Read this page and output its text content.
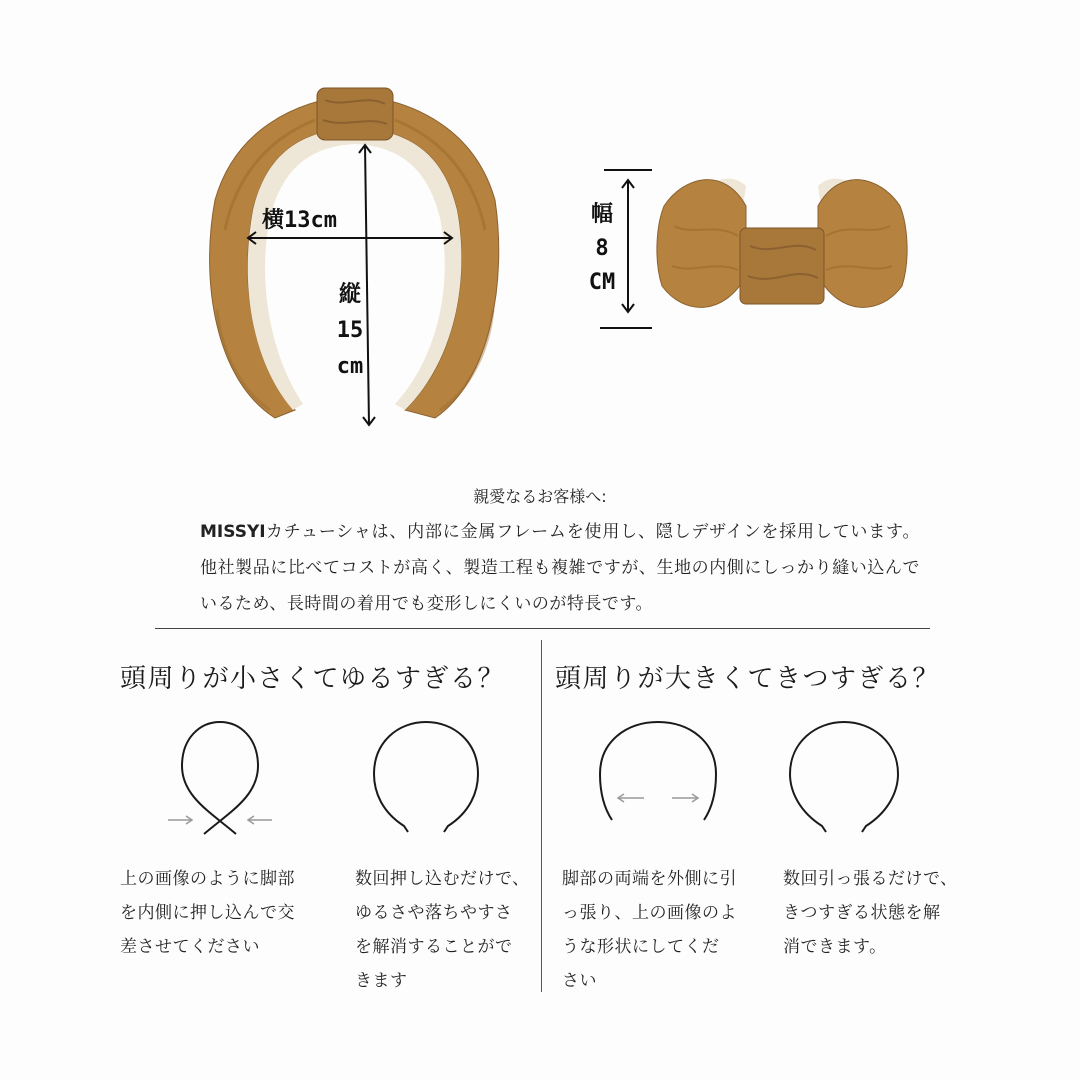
横13cm
縦
15
cm
幅
8
CM
親愛なるお客様へ:
MISSYIカチューシャは、内部に金属フレームを使用し、隠しデザインを採用しています。他社製品に比べてコストが高く、製造工程も複雑ですが、生地の内側にしっかり縫い込んでいるため、長時間の着用でも変形しにくいのが特長です。
頭周りが小さくてゆるすぎる？
上の画像のように脚部
を内側に押し込んで交
差させてください
数回押し込むだけで、
ゆるさや落ちやすさ
を解消することがで
きます
頭周りが大きくてきつすぎる？
脚部の両端を外側に引
っ張り、上の画像のよ
うな形状にしてくだ
さい
数回引っ張るだけで、
きつすぎる状態を解
消できます。
